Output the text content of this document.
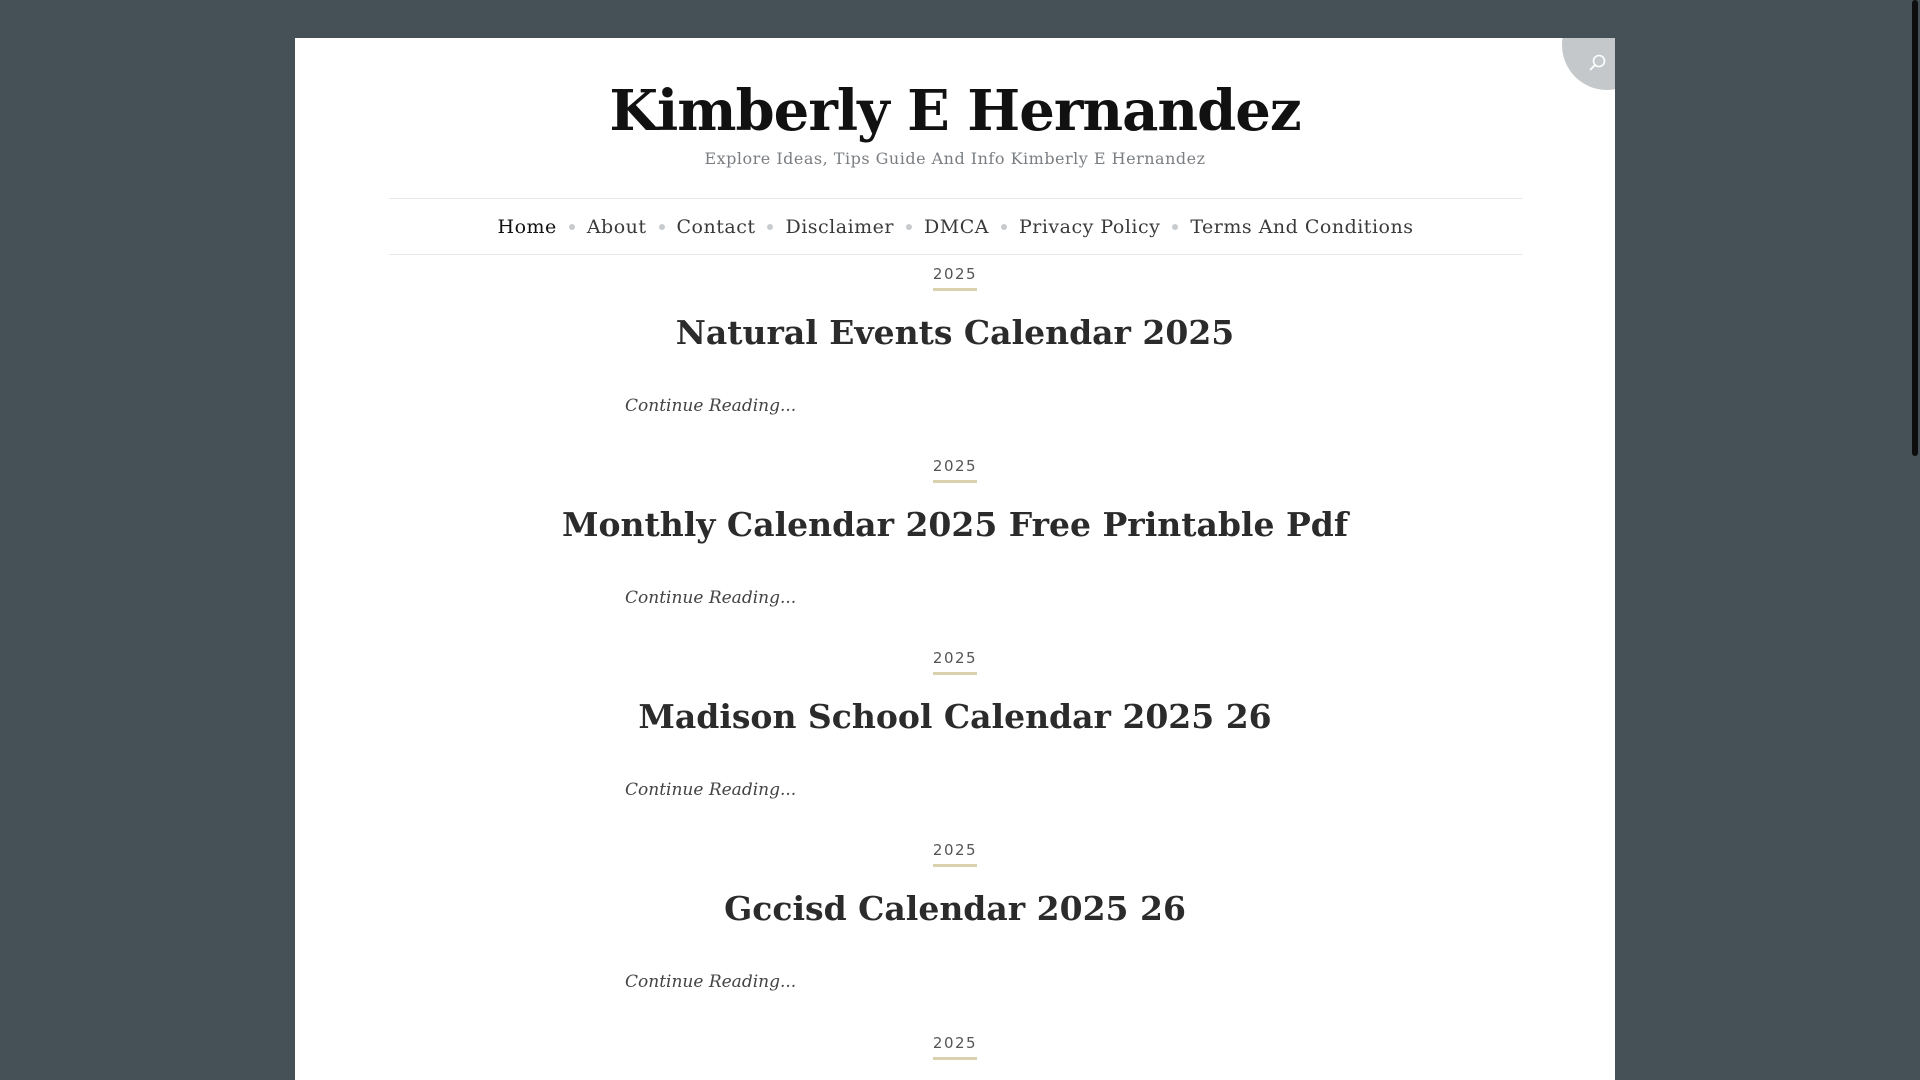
Kimberly E Hernandez
Explore Ideas, Tips Guide And Info Kimberly E Hernandez
Home About Contact Disclaimer DMCA Privacy Policy Terms And Conditions
2025
Natural Events Calendar 2025
Continue Reading...
2025
Monthly Calendar 2025 Free Printable Pdf
Continue Reading...
2025
Madison School Calendar 2025 26
Continue Reading...
2025
Gccisd Calendar 2025 26
Continue Reading...
2025
